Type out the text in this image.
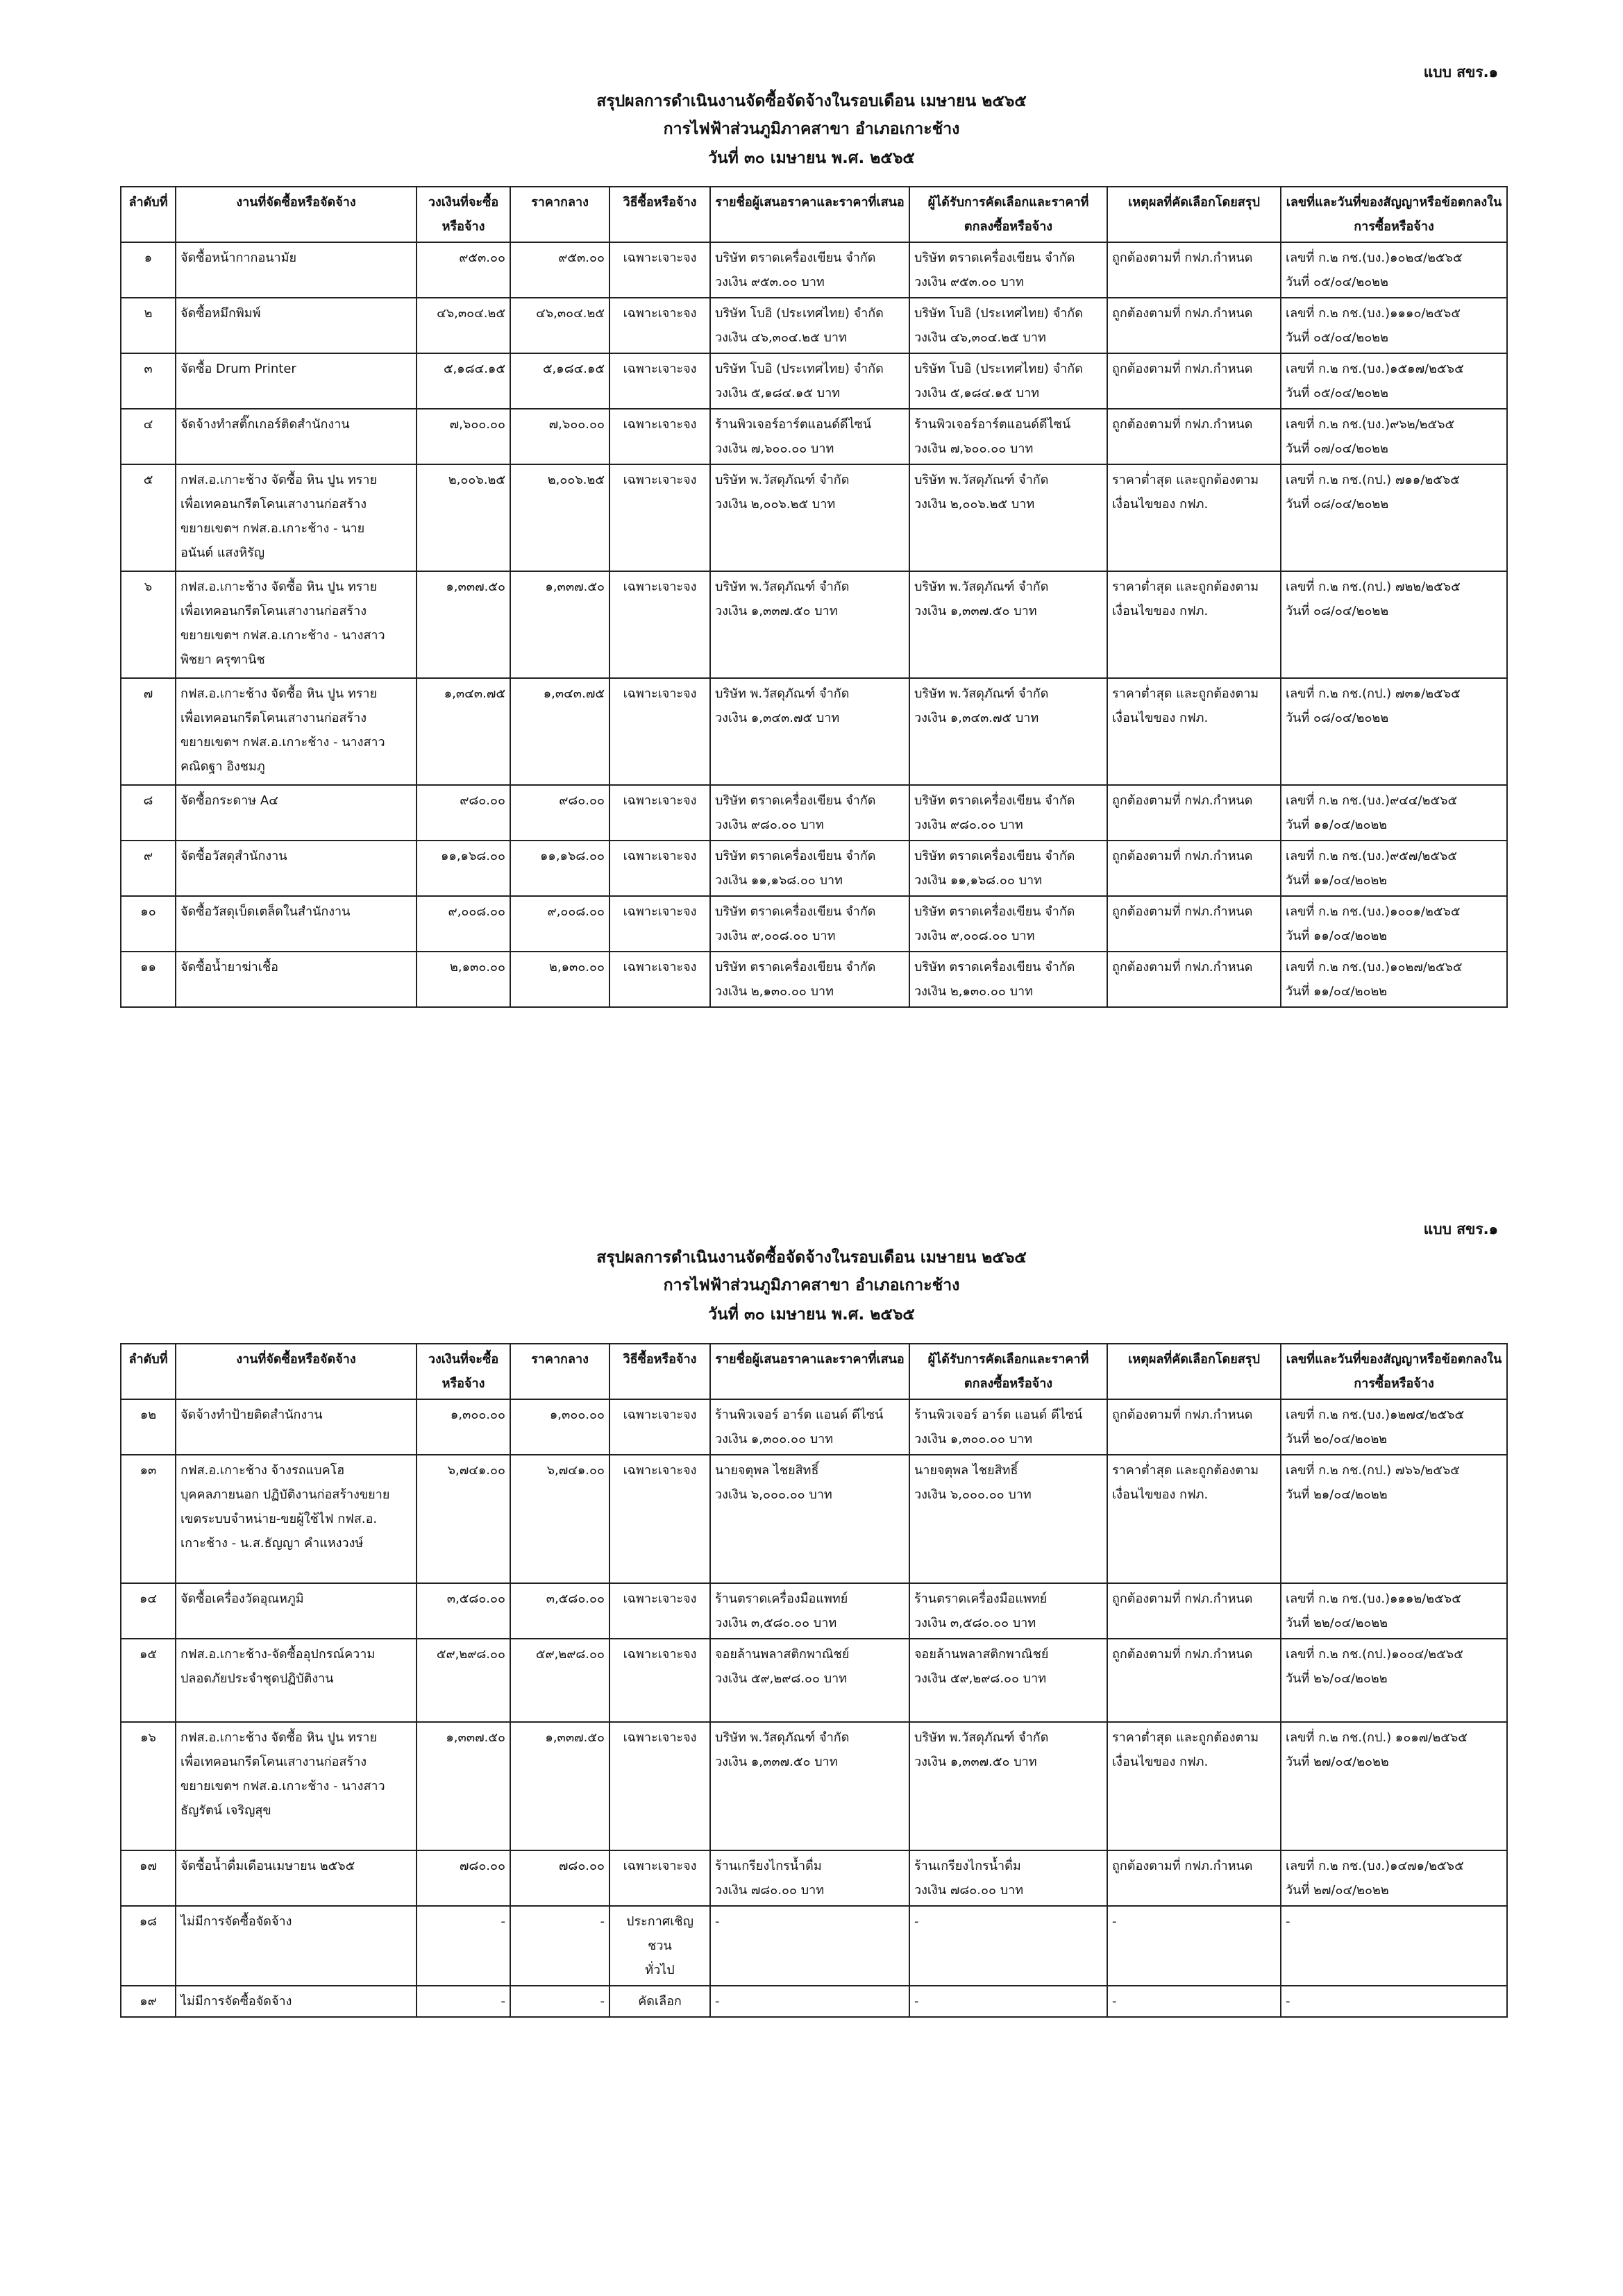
แบบ สขร.๑
สรุปผลการดำเนินงานจัดซื้อจัดจ้างในรอบเดือน เมษายน ๒๕๖๕
การไฟฟ้าส่วนภูมิภาคสาขา อำเภอเกาะช้าง
วันที่ ๓๐ เมษายน พ.ศ. ๒๕๖๕
ลำดับที่	งานที่จัดซื้อหรือจัดจ้าง	วงเงินที่จะซื้อหรือจ้าง	ราคากลาง	วิธีซื้อหรือจ้าง	รายชื่อผู้เสนอราคาและราคาที่เสนอ	ผู้ได้รับการคัดเลือกและราคาที่ตกลงซื้อหรือจ้าง	เหตุผลที่คัดเลือกโดยสรุป	เลขที่และวันที่ของสัญญาหรือข้อตกลงในการซื้อหรือจ้าง
๑	จัดซื้อหน้ากากอนามัย	๙๕๓.๐๐	๙๕๓.๐๐	เฉพาะเจาะจง	บริษัท ตราดเครื่องเขียน จำกัด
วงเงิน ๙๕๓.๐๐ บาท	บริษัท ตราดเครื่องเขียน จำกัด
วงเงิน ๙๕๓.๐๐ บาท	ถูกต้องตามที่ กฟภ.กำหนด	เลขที่ ก.๒ กช.(บง.)๑๐๒๔/๒๕๖๕
วันที่ ๐๕/๐๔/๒๐๒๒
๒	จัดซื้อหมึกพิมพ์	๔๖,๓๐๔.๒๕	๔๖,๓๐๔.๒๕	เฉพาะเจาะจง	บริษัท โบอิ (ประเทศไทย) จำกัด
วงเงิน ๔๖,๓๐๔.๒๕ บาท	บริษัท โบอิ (ประเทศไทย) จำกัด
วงเงิน ๔๖,๓๐๔.๒๕ บาท	ถูกต้องตามที่ กฟภ.กำหนด	เลขที่ ก.๒ กช.(บง.)๑๑๑๐/๒๕๖๕
วันที่ ๐๕/๐๔/๒๐๒๒
๓	จัดซื้อ Drum Printer	๕,๑๘๔.๑๕	๕,๑๘๔.๑๕	เฉพาะเจาะจง	บริษัท โบอิ (ประเทศไทย) จำกัด
วงเงิน ๕,๑๘๔.๑๕ บาท	บริษัท โบอิ (ประเทศไทย) จำกัด
วงเงิน ๕,๑๘๔.๑๕ บาท	ถูกต้องตามที่ กฟภ.กำหนด	เลขที่ ก.๒ กช.(บง.)๑๕๑๗/๒๕๖๕
วันที่ ๐๕/๐๔/๒๐๒๒
๔	จัดจ้างทำสติ๊กเกอร์ติดสำนักงาน	๗,๖๐๐.๐๐	๗,๖๐๐.๐๐	เฉพาะเจาะจง	ร้านพิวเจอร์อาร์ตแอนด์ดีไซน์
วงเงิน ๗,๖๐๐.๐๐ บาท	ร้านพิวเจอร์อาร์ตแอนด์ดีไซน์
วงเงิน ๗,๖๐๐.๐๐ บาท	ถูกต้องตามที่ กฟภ.กำหนด	เลขที่ ก.๒ กช.(บง.)๙๖๒/๒๕๖๕
วันที่ ๐๗/๐๔/๒๐๒๒
๕	กฟส.อ.เกาะช้าง จัดซื้อ หิน ปูน ทราย
เพื่อเทคอนกรีตโคนเสางานก่อสร้าง
ขยายเขตฯ กฟส.อ.เกาะช้าง - นาย
อนันต์ แสงหิรัญ	๒,๐๐๖.๒๕	๒,๐๐๖.๒๕	เฉพาะเจาะจง	บริษัท พ.วัสดุภัณฑ์ จำกัด
วงเงิน ๒,๐๐๖.๒๕ บาท	บริษัท พ.วัสดุภัณฑ์ จำกัด
วงเงิน ๒,๐๐๖.๒๕ บาท	ราคาต่ำสุด และถูกต้องตาม
เงื่อนไขของ กฟภ.	เลขที่ ก.๒ กช.(กป.) ๗๑๑/๒๕๖๕
วันที่ ๐๘/๐๔/๒๐๒๒
๖	กฟส.อ.เกาะช้าง จัดซื้อ หิน ปูน ทราย
เพื่อเทคอนกรีตโคนเสางานก่อสร้าง
ขยายเขตฯ กฟส.อ.เกาะช้าง - นางสาว
พิชยา ครุฑานิช	๑,๓๓๗.๕๐	๑,๓๓๗.๕๐	เฉพาะเจาะจง	บริษัท พ.วัสดุภัณฑ์ จำกัด
วงเงิน ๑,๓๓๗.๕๐ บาท	บริษัท พ.วัสดุภัณฑ์ จำกัด
วงเงิน ๑,๓๓๗.๕๐ บาท	ราคาต่ำสุด และถูกต้องตาม
เงื่อนไขของ กฟภ.	เลขที่ ก.๒ กช.(กป.) ๗๒๒/๒๕๖๕
วันที่ ๐๘/๐๔/๒๐๒๒
๗	กฟส.อ.เกาะช้าง จัดซื้อ หิน ปูน ทราย
เพื่อเทคอนกรีตโคนเสางานก่อสร้าง
ขยายเขตฯ กฟส.อ.เกาะช้าง - นางสาว
คณิดฐา อิงชมภู	๑,๓๔๓.๗๕	๑,๓๔๓.๗๕	เฉพาะเจาะจง	บริษัท พ.วัสดุภัณฑ์ จำกัด
วงเงิน ๑,๓๔๓.๗๕ บาท	บริษัท พ.วัสดุภัณฑ์ จำกัด
วงเงิน ๑,๓๔๓.๗๕ บาท	ราคาต่ำสุด และถูกต้องตาม
เงื่อนไขของ กฟภ.	เลขที่ ก.๒ กช.(กป.) ๗๓๑/๒๕๖๕
วันที่ ๐๘/๐๔/๒๐๒๒
๘	จัดซื้อกระดาษ A๔	๙๘๐.๐๐	๙๘๐.๐๐	เฉพาะเจาะจง	บริษัท ตราดเครื่องเขียน จำกัด
วงเงิน ๙๘๐.๐๐ บาท	บริษัท ตราดเครื่องเขียน จำกัด
วงเงิน ๙๘๐.๐๐ บาท	ถูกต้องตามที่ กฟภ.กำหนด	เลขที่ ก.๒ กช.(บง.)๙๔๔/๒๕๖๕
วันที่ ๑๑/๐๔/๒๐๒๒
๙	จัดซื้อวัสดุสำนักงาน	๑๑,๑๖๘.๐๐	๑๑,๑๖๘.๐๐	เฉพาะเจาะจง	บริษัท ตราดเครื่องเขียน จำกัด
วงเงิน ๑๑,๑๖๘.๐๐ บาท	บริษัท ตราดเครื่องเขียน จำกัด
วงเงิน ๑๑,๑๖๘.๐๐ บาท	ถูกต้องตามที่ กฟภ.กำหนด	เลขที่ ก.๒ กช.(บง.)๙๕๗/๒๕๖๕
วันที่ ๑๑/๐๔/๒๐๒๒
๑๐	จัดซื้อวัสดุเบ็ดเตล็ดในสำนักงาน	๙,๐๐๘.๐๐	๙,๐๐๘.๐๐	เฉพาะเจาะจง	บริษัท ตราดเครื่องเขียน จำกัด
วงเงิน ๙,๐๐๘.๐๐ บาท	บริษัท ตราดเครื่องเขียน จำกัด
วงเงิน ๙,๐๐๘.๐๐ บาท	ถูกต้องตามที่ กฟภ.กำหนด	เลขที่ ก.๒ กช.(บง.)๑๐๐๑/๒๕๖๕
วันที่ ๑๑/๐๔/๒๐๒๒
๑๑	จัดซื้อน้ำยาฆ่าเชื้อ	๒,๑๓๐.๐๐	๒,๑๓๐.๐๐	เฉพาะเจาะจง	บริษัท ตราดเครื่องเขียน จำกัด
วงเงิน ๒,๑๓๐.๐๐ บาท	บริษัท ตราดเครื่องเขียน จำกัด
วงเงิน ๒,๑๓๐.๐๐ บาท	ถูกต้องตามที่ กฟภ.กำหนด	เลขที่ ก.๒ กช.(บง.)๑๐๒๗/๒๕๖๕
วันที่ ๑๑/๐๔/๒๐๒๒
แบบ สขร.๑
สรุปผลการดำเนินงานจัดซื้อจัดจ้างในรอบเดือน เมษายน ๒๕๖๕
การไฟฟ้าส่วนภูมิภาคสาขา อำเภอเกาะช้าง
วันที่ ๓๐ เมษายน พ.ศ. ๒๕๖๕
ลำดับที่	งานที่จัดซื้อหรือจัดจ้าง	วงเงินที่จะซื้อหรือจ้าง	ราคากลาง	วิธีซื้อหรือจ้าง	รายชื่อผู้เสนอราคาและราคาที่เสนอ	ผู้ได้รับการคัดเลือกและราคาที่ตกลงซื้อหรือจ้าง	เหตุผลที่คัดเลือกโดยสรุป	เลขที่และวันที่ของสัญญาหรือข้อตกลงในการซื้อหรือจ้าง
๑๒	จัดจ้างทำป้ายติดสำนักงาน	๑,๓๐๐.๐๐	๑,๓๐๐.๐๐	เฉพาะเจาะจง	ร้านพิวเจอร์ อาร์ต แอนด์ ดีไซน์
วงเงิน ๑,๓๐๐.๐๐ บาท	ร้านพิวเจอร์ อาร์ต แอนด์ ดีไซน์
วงเงิน ๑,๓๐๐.๐๐ บาท	ถูกต้องตามที่ กฟภ.กำหนด	เลขที่ ก.๒ กช.(บง.)๑๒๗๔/๒๕๖๕
วันที่ ๒๐/๐๔/๒๐๒๒
๑๓	กฟส.อ.เกาะช้าง จ้างรถแบคโฮ
บุคคลภายนอก ปฏิบัติงานก่อสร้างขยาย
เขตระบบจำหน่าย-ขยผู้ใช้ไฟ กฟส.อ.
เกาะช้าง - น.ส.ธัญญา คำแหงวงษ์	๖,๗๔๑.๐๐	๖,๗๔๑.๐๐	เฉพาะเจาะจง	นายจตุพล ไชยสิทธิ์
วงเงิน ๖,๐๐๐.๐๐ บาท	นายจตุพล ไชยสิทธิ์
วงเงิน ๖,๐๐๐.๐๐ บาท	ราคาต่ำสุด และถูกต้องตาม
เงื่อนไขของ กฟภ.	เลขที่ ก.๒ กช.(กป.) ๗๖๖/๒๕๖๕
วันที่ ๒๑/๐๔/๒๐๒๒
๑๔	จัดซื้อเครื่องวัดอุณหภูมิ	๓,๕๘๐.๐๐	๓,๕๘๐.๐๐	เฉพาะเจาะจง	ร้านตราดเครื่องมือแพทย์
วงเงิน ๓,๕๘๐.๐๐ บาท	ร้านตราดเครื่องมือแพทย์
วงเงิน ๓,๕๘๐.๐๐ บาท	ถูกต้องตามที่ กฟภ.กำหนด	เลขที่ ก.๒ กช.(บง.)๑๑๑๒/๒๕๖๕
วันที่ ๒๒/๐๔/๒๐๒๒
๑๕	กฟส.อ.เกาะช้าง-จัดซื้ออุปกรณ์ความ
ปลอดภัยประจำชุดปฏิบัติงาน	๕๙,๒๙๘.๐๐	๕๙,๒๙๘.๐๐	เฉพาะเจาะจง	จอยล้านพลาสติกพาณิชย์
วงเงิน ๕๙,๒๙๘.๐๐ บาท	จอยล้านพลาสติกพาณิชย์
วงเงิน ๕๙,๒๙๘.๐๐ บาท	ถูกต้องตามที่ กฟภ.กำหนด	เลขที่ ก.๒ กช.(กป.)๑๐๐๔/๒๕๖๕
วันที่ ๒๖/๐๔/๒๐๒๒
๑๖	กฟส.อ.เกาะช้าง จัดซื้อ หิน ปูน ทราย
เพื่อเทคอนกรีตโคนเสางานก่อสร้าง
ขยายเขตฯ กฟส.อ.เกาะช้าง - นางสาว
ธัญรัตน์ เจริญสุข	๑,๓๓๗.๕๐	๑,๓๓๗.๕๐	เฉพาะเจาะจง	บริษัท พ.วัสดุภัณฑ์ จำกัด
วงเงิน ๑,๓๓๗.๕๐ บาท	บริษัท พ.วัสดุภัณฑ์ จำกัด
วงเงิน ๑,๓๓๗.๕๐ บาท	ราคาต่ำสุด และถูกต้องตาม
เงื่อนไขของ กฟภ.	เลขที่ ก.๒ กช.(กป.) ๑๐๑๗/๒๕๖๕
วันที่ ๒๗/๐๔/๒๐๒๒
๑๗	จัดซื้อน้ำดื่มเดือนเมษายน ๒๕๖๕	๗๘๐.๐๐	๗๘๐.๐๐	เฉพาะเจาะจง	ร้านเกรียงไกรน้ำดื่ม
วงเงิน ๗๘๐.๐๐ บาท	ร้านเกรียงไกรน้ำดื่ม
วงเงิน ๗๘๐.๐๐ บาท	ถูกต้องตามที่ กฟภ.กำหนด	เลขที่ ก.๒ กช.(บง.)๑๔๗๑/๒๕๖๕
วันที่ ๒๗/๐๔/๒๐๒๒
๑๘	ไม่มีการจัดซื้อจัดจ้าง	-	-	ประกาศเชิญชวน
ทั่วไป	-	-	-	-
๑๙	ไม่มีการจัดซื้อจัดจ้าง	-	-	คัดเลือก	-	-	-	-
